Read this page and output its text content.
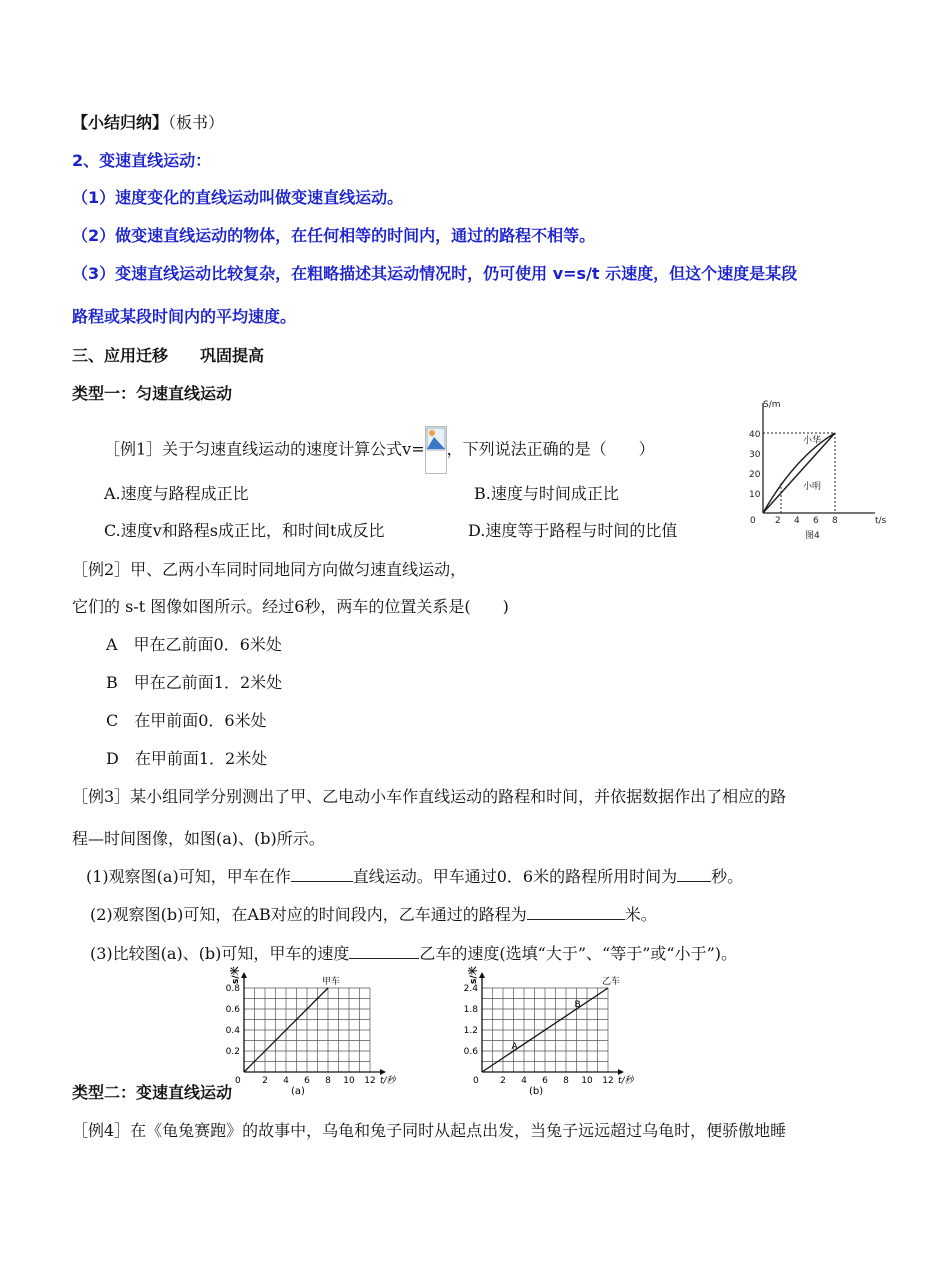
【小结归纳】（板书）
2、变速直线运动：
（1）速度变化的直线运动叫做变速直线运动。
（2）做变速直线运动的物体，在任何相等的时间内，通过的路程不相等。
（3）变速直线运动比较复杂，在粗略描述其运动情况时，仍可使用 v=s/t 示速度，但这个速度是某段
路程或某段时间内的平均速度。
三、应用迁移　　巩固提高
类型一：匀速直线运动
［例1］关于匀速直线运动的速度计算公式v= ，下列说法正确的是（　　）
A.速度与路程成正比	B.速度与时间成正比
C.速度v和路程s成正比，和时间t成反比	D.速度等于路程与时间的比值
S/m
t/s
40
30
20
10
0 2 4 6 8
小华
小明
图4
［例2］甲、乙两小车同时同地同方向做匀速直线运动，
它们的 s-t 图像如图所示。经过6秒，两车的位置关系是(　　)
A　甲在乙前面0．6米处
B　甲在乙前面1．2米处
C　在甲前面0．6米处
D　在甲前面1．2米处
［例3］某小组同学分别测出了甲、乙电动小车作直线运动的路程和时间，并依据数据作出了相应的路
程—时间图像，如图(a)、(b)所示。
(1)观察图(a)可知，甲车在作	直线运动。甲车通过0．6米的路程所用时间为 秒。
(2)观察图(b)可知，在AB对应的时间段内，乙车通过的路程为	米。
(3)比较图(a)、(b)可知，甲车的速度	乙车的速度(选填“大于”、“等于”或“小于”)。
s/米
0.2
0.4
0.6
0.8
0 2 4 6 8 10 12 t/秒
甲车
(a)
s/米
0.6
1.2
1.8
2.4
0 2 4 6 8 10 12 t/秒
乙车
A
B
(b)
类型二：变速直线运动
［例4］在《龟兔赛跑》的故事中，乌龟和兔子同时从起点出发，当兔子远远超过乌龟时，便骄傲地睡
